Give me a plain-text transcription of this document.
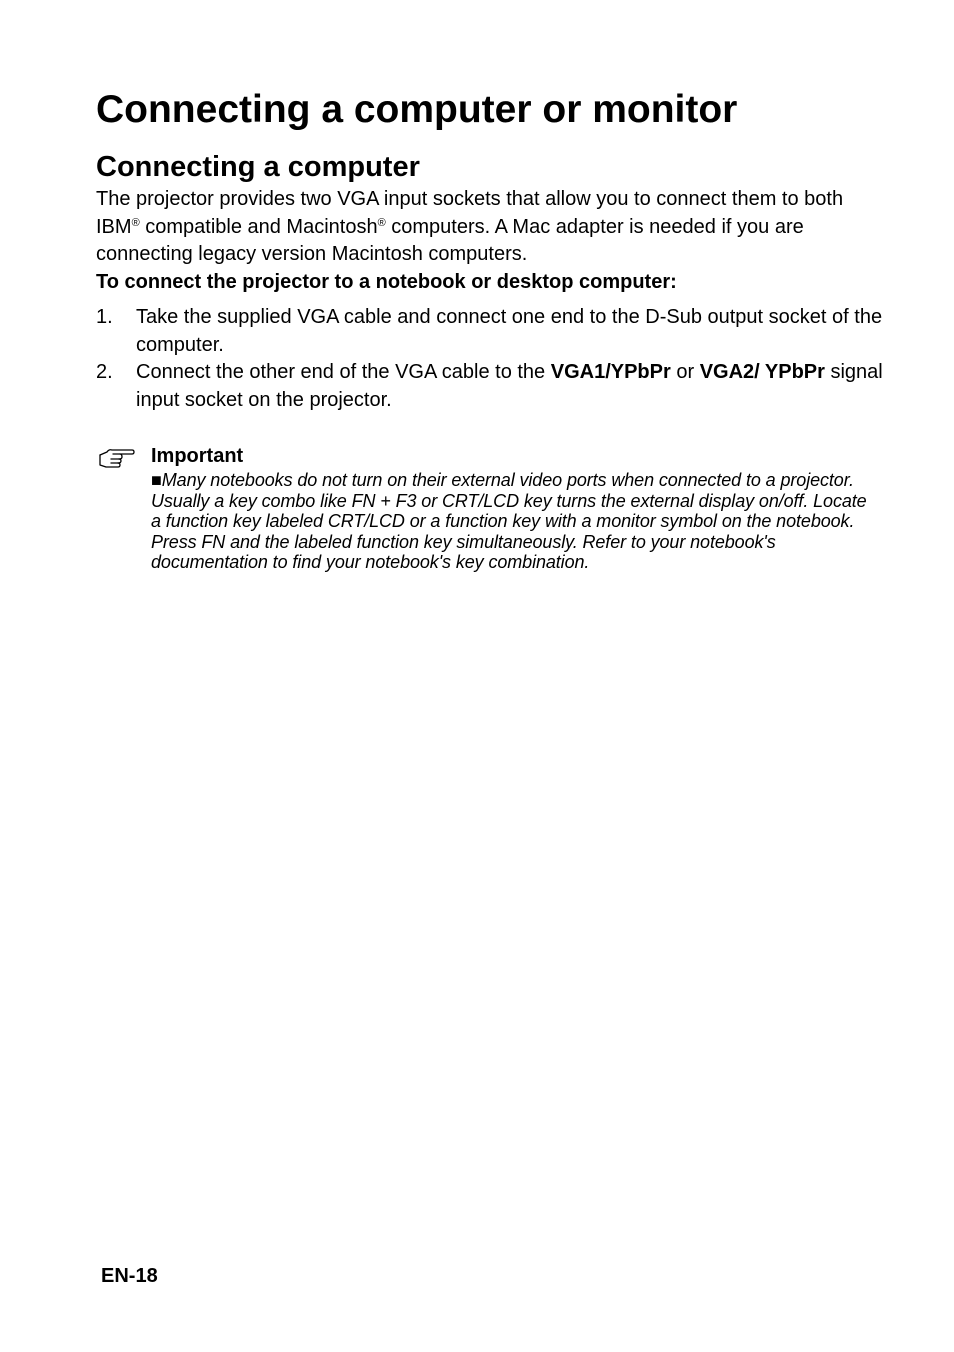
Connecting a computer or monitor
Connecting a computer

The projector provides two VGA input sockets that allow you to connect them to both IBM® compatible and Macintosh® computers. A Mac adapter is needed if you are connecting legacy version Macintosh computers.

To connect the projector to a notebook or desktop computer:

1. Take the supplied VGA cable and connect one end to the D-Sub output socket of the computer.
2. Connect the other end of the VGA cable to the VGA1/YPbPr or VGA2/ YPbPr signal input socket on the projector.

Important

■Many notebooks do not turn on their external video ports when connected to a projector. Usually a key combo like FN + F3 or CRT/LCD key turns the external display on/off. Locate a function key labeled CRT/LCD or a function key with a monitor symbol on the notebook. Press FN and the labeled function key simultaneously. Refer to your notebook's documentation to find your notebook's key combination.

EN-18
